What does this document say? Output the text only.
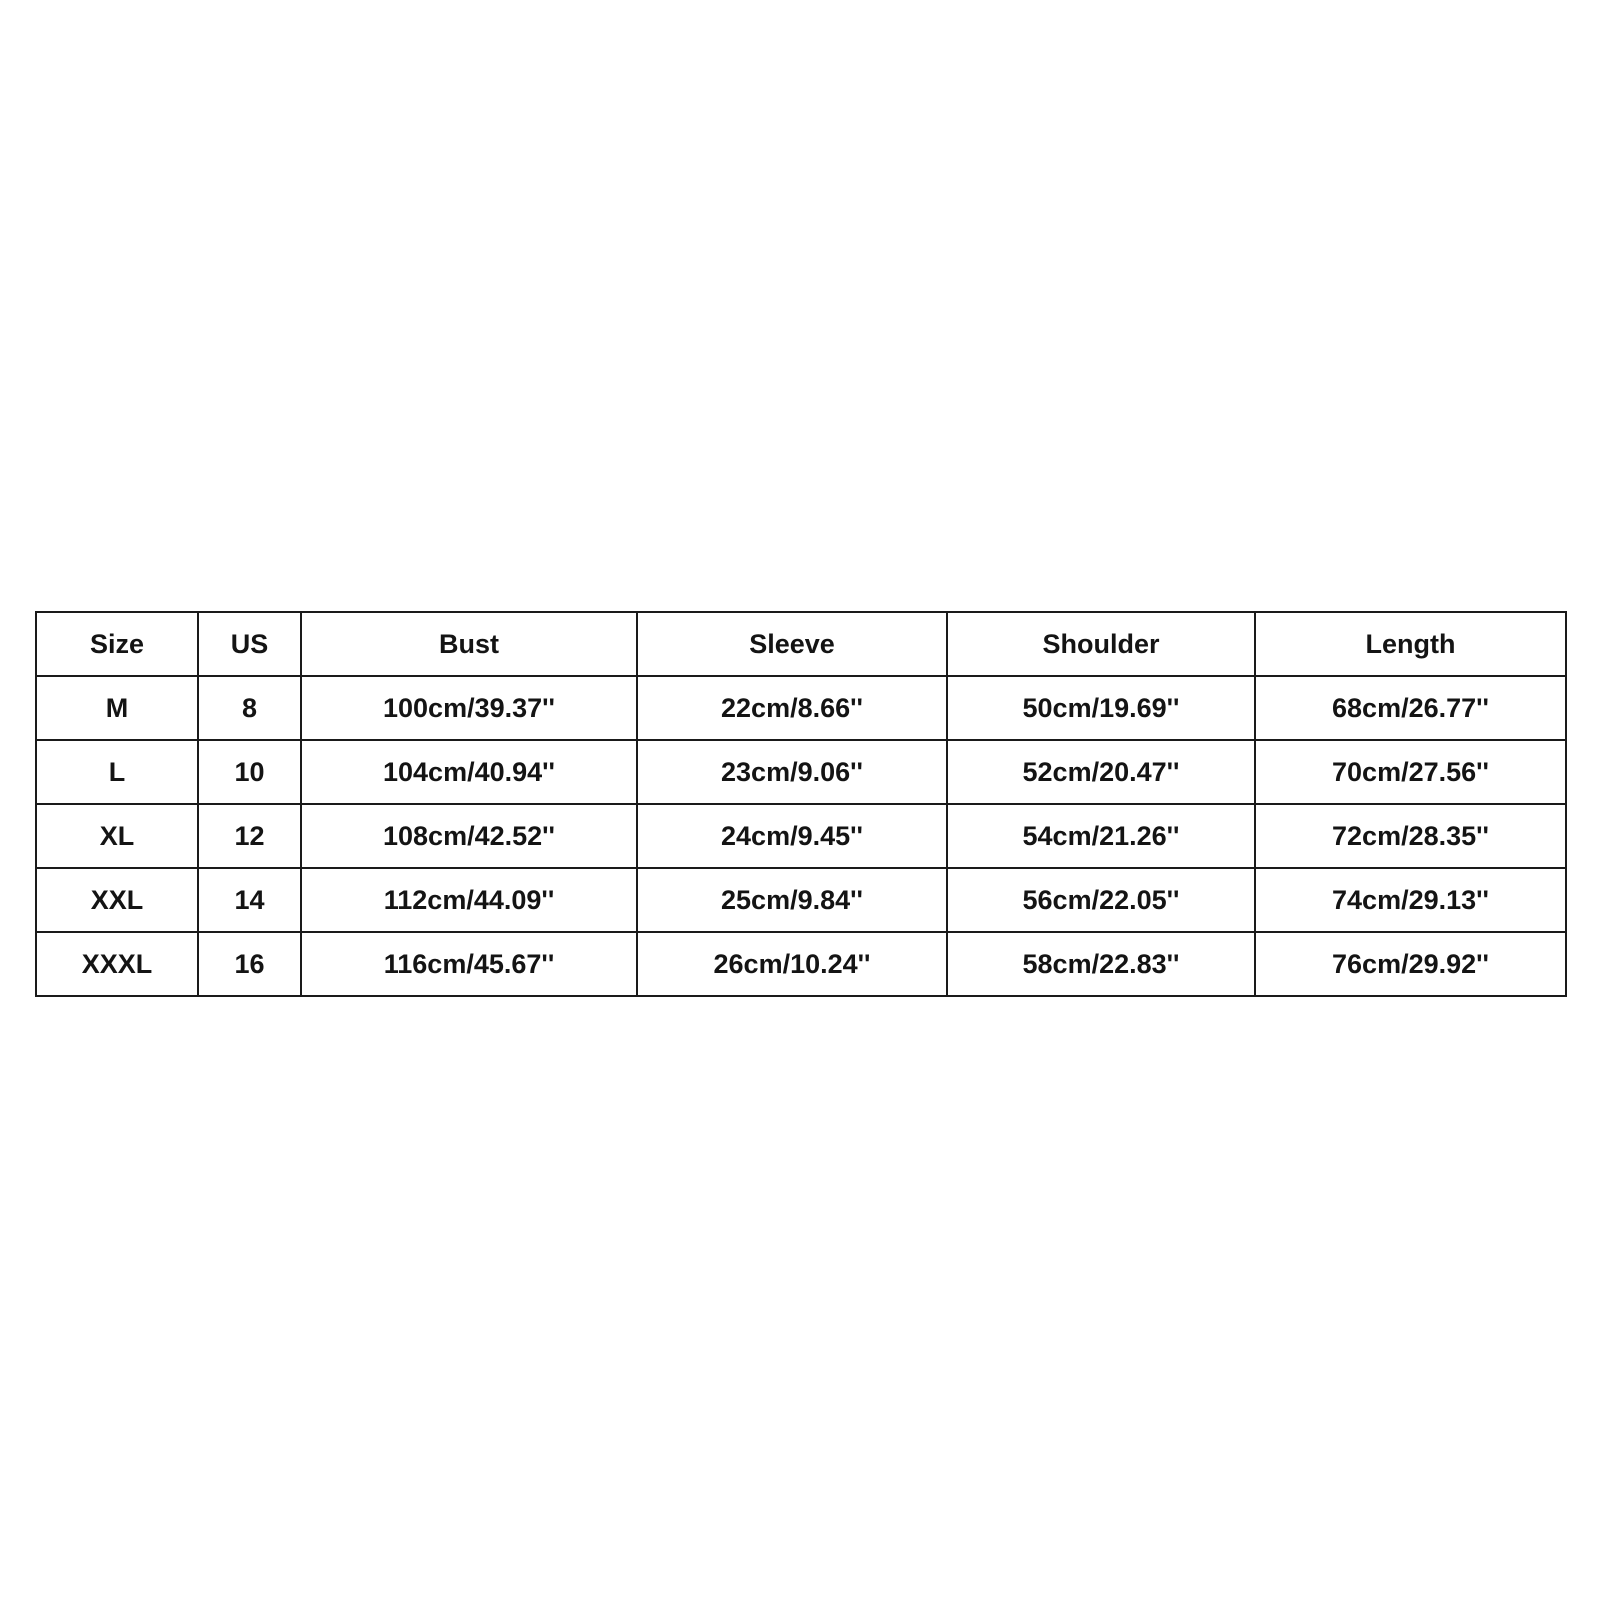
Size	US	Bust	Sleeve	Shoulder	Length
M	8	100cm/39.37''	22cm/8.66''	50cm/19.69''	68cm/26.77''
L	10	104cm/40.94''	23cm/9.06''	52cm/20.47''	70cm/27.56''
XL	12	108cm/42.52''	24cm/9.45''	54cm/21.26''	72cm/28.35''
XXL	14	112cm/44.09''	25cm/9.84''	56cm/22.05''	74cm/29.13''
XXXL	16	116cm/45.67''	26cm/10.24''	58cm/22.83''	76cm/29.92''
